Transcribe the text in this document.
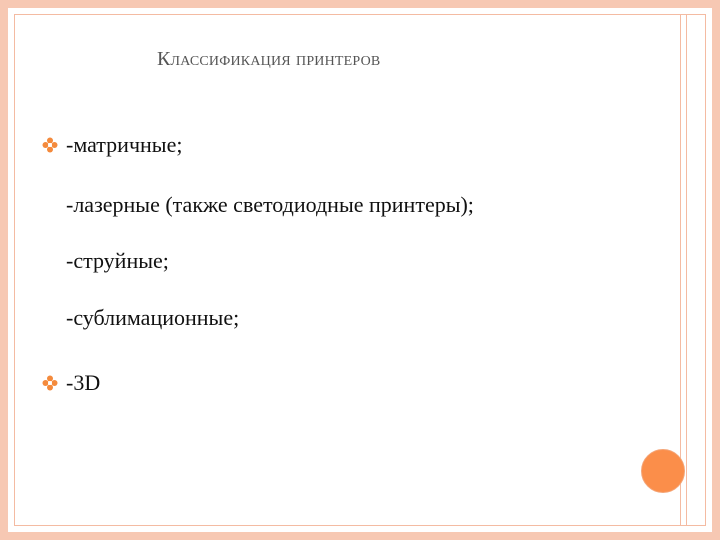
Классификация принтеров
-матричные;
-лазерные (также светодиодные принтеры);
-струйные;
-сублимационные;
-3D
